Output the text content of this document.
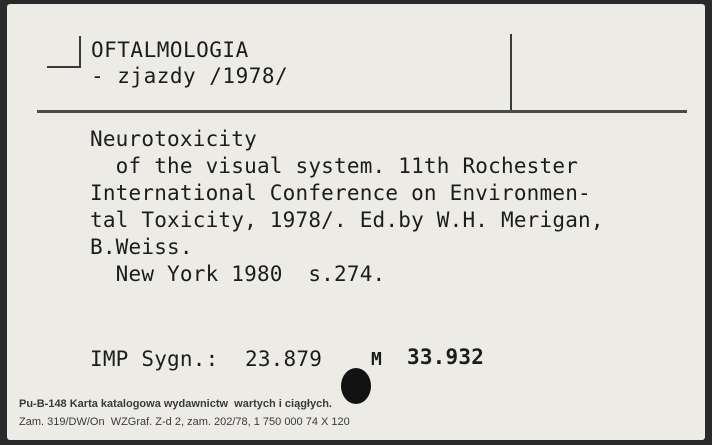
OFTALMOLOGIA
- zjazdy /1978/
Neurotoxicity
of the visual system. 11th Rochester
International Conference on Environmen-
tal Toxicity, 1978/. Ed.by W.H. Merigan,
B.Weiss.
New York 1980  s.274.
IMP Sygn.: 23.879	M 33.932
Pu-B-148 Karta katalogowa wydawnictw  wartych i ciągłych.
Zam. 319/DW/On  WZGraf. Z-d 2, zam. 202/78, 1 750 000 74 X 120
